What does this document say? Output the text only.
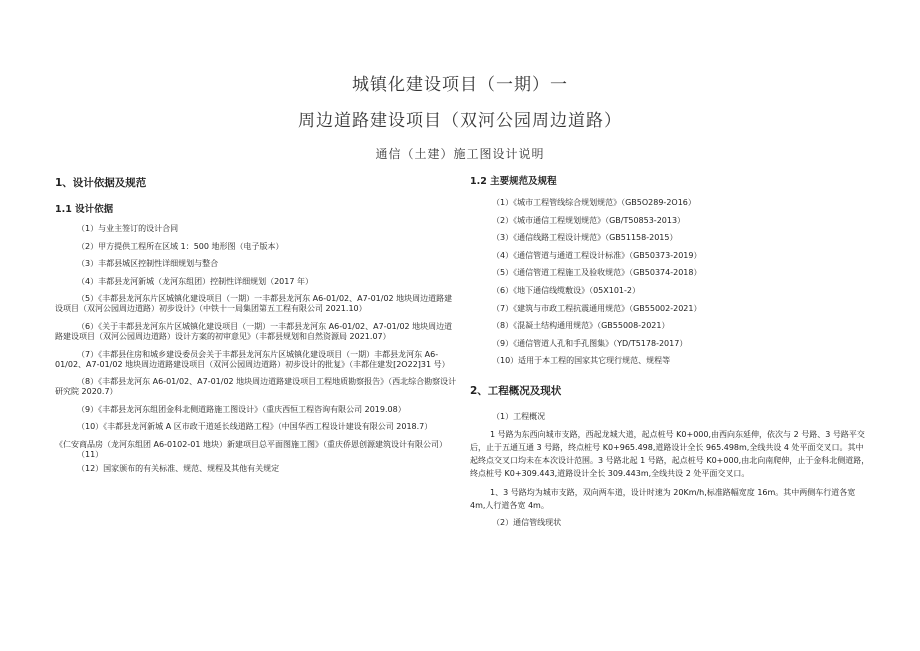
城镇化建设项目（一期）一
周边道路建设项目（双河公园周边道路）
通信（土建）施工图设计说明
1、设计依据及规范
1.1 设计依据
（1）与业主签订的设计合同
（2）甲方提供工程所在区域 1：500 地形图（电子版本）
（3）丰都县城区控制性详细规划与整合
（4）丰都县龙河新城（龙河东组团）控制性详细规划（2017 年）
（5）《丰都县龙河东片区城镇化建设项目（一期）一丰都县龙河东 A6-01/02、A7-01/02 地块周边道路建设项目（双河公园周边道路）初步设计》（中铁十一局集团第五工程有限公司 2021.10）
（6）《关于丰都县龙河东片区城镇化建设项目（一期）一丰都县龙河东 A6-01/02、A7-01/02 地块周边道路建设项目（双河公园周边道路）设计方案的初审意见》（丰都县规划和自然资源局 2021.07）
（7）《丰都县住房和城乡建设委员会关于丰都县龙河东片区城镇化建设项目（一期）丰都县龙河东 A6-01/02、A7-01/02 地块周边道路建设项目（双河公园周边道路）初步设计的批复》（丰都住建发[2O22]31 号）
（8）《丰都县龙河东 A6-01/02、A7-01/02 地块周边道路建设项目工程地质勘察报告》（西北综合勘察设计研究院 2020.7）
（9）《丰都县龙河东组团金科北侧道路施工图设计》（重庆西恒工程咨询有限公司 2019.08）
（10）《丰都县龙河新城 A 区市政干道延长线道路工程》（中国华西工程设计建设有限公司 2018.7）
《仁安商品房（龙河东组团 A6-0102-01 地块）新建项目总平面图施工图》（重庆侨恩创源建筑设计有限公司）
（11）
（12）国家颁布的有关标准、规范、规程及其他有关规定
1.2 主要规范及规程
（1）《城市工程管线综合规划规范》（GB5O289-2O16）
（2）《城市通信工程规划规范》（GB/T50853-2013）
（3）《通信线路工程设计规范》（GB51158-2015）
（4）《通信管道与通道工程设计标准》（GB50373-2019）
（5）《通信管道工程施工及验收规范》（GB50374-2018）
（6）《地下通信线缆敷设》（05X101-2）
（7）《建筑与市政工程抗震通用规范》（GB55002-2021）
（8）《混凝土结构通用规范》（GB55008-2021）
（9）《通信管道人孔和手孔图集》（YD/T5178-2017）
（10）适用于本工程的国家其它现行规范、规程等
2、工程概况及现状
（1）工程概况
1 号路为东西向城市支路，西起龙城大道，起点桩号 K0+000,由西向东延伸，依次与 2 号路、3 号路平交后，止于五通互通 3 号路，终点桩号 K0+965.498,道路设计全长 965.498m,全线共设 4 处平面交叉口。其中起终点交叉口均未在本次设计范围。3 号路北起 1 号路，起点桩号 K0+000,由北向南爬伸，止于金科北侧道路，终点桩号 K0+309.443,道路设计全长 309.443m,全线共设 2 处平面交叉口。
1、3 号路均为城市支路，双向两车道，设计时速为 20Km/h,标准路幅宽度 16m。其中两侧车行道各宽 4m,人行道各宽 4m。
（2）通信管线现状
